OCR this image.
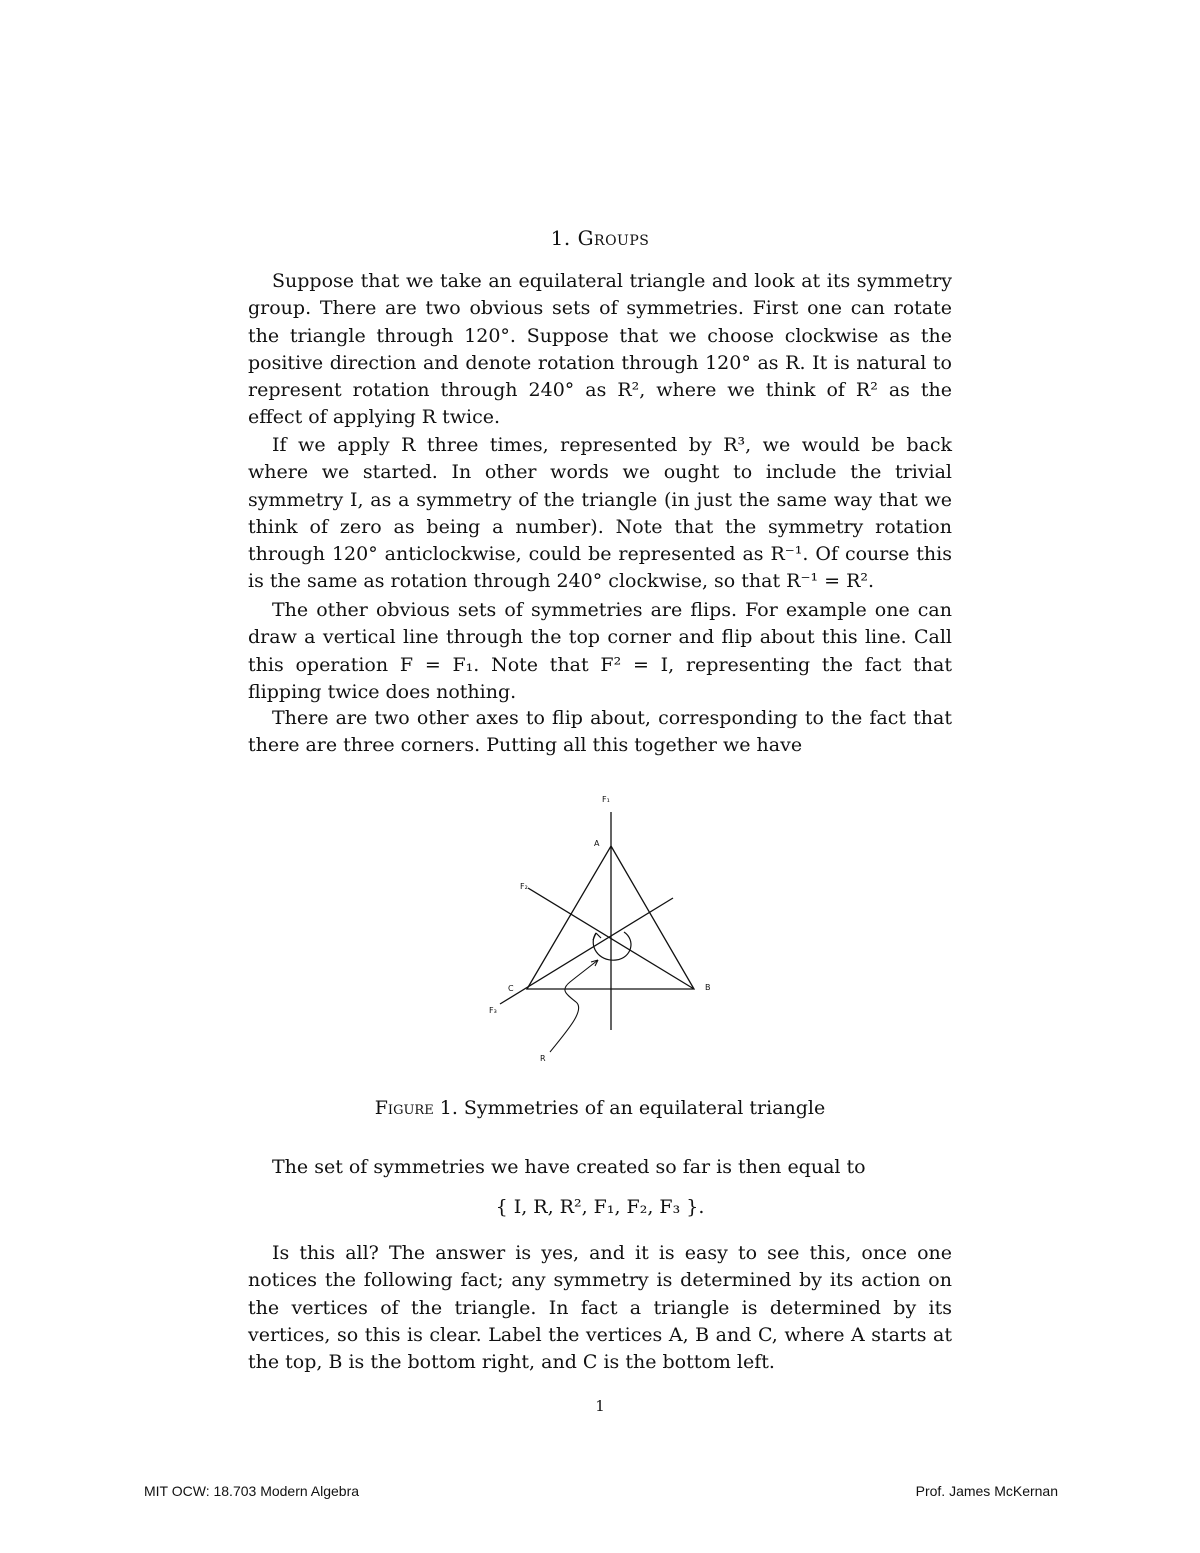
1. Groups

Suppose that we take an equilateral triangle and look at its symmetry group. There are two obvious sets of symmetries. First one can rotate the triangle through 120°. Suppose that we choose clockwise as the positive direction and denote rotation through 120° as R. It is natural to represent rotation through 240° as R², where we think of R² as the effect of applying R twice.

If we apply R three times, represented by R³, we would be back where we started. In other words we ought to include the trivial symmetry I, as a symmetry of the triangle (in just the same way that we think of zero as being a number). Note that the symmetry rotation through 120° anticlockwise, could be represented as R⁻¹. Of course this is the same as rotation through 240° clockwise, so that R⁻¹ = R².

The other obvious sets of symmetries are flips. For example one can draw a vertical line through the top corner and flip about this line. Call this operation F = F₁. Note that F² = I, representing the fact that flipping twice does nothing.

There are two other axes to flip about, corresponding to the fact that there are three corners. Putting all this together we have

F₁
A
F₂
C	B
F₃
R
Figure 1. Symmetries of an equilateral triangle

The set of symmetries we have created so far is then equal to

{ I, R, R², F₁, F₂, F₃ }.

Is this all? The answer is yes, and it is easy to see this, once one notices the following fact; any symmetry is determined by its action on the vertices of the triangle. In fact a triangle is determined by its vertices, so this is clear. Label the vertices A, B and C, where A starts at the top, B is the bottom right, and C is the bottom left.

1
MIT OCW: 18.703 Modern Algebra	Prof. James McKernan
